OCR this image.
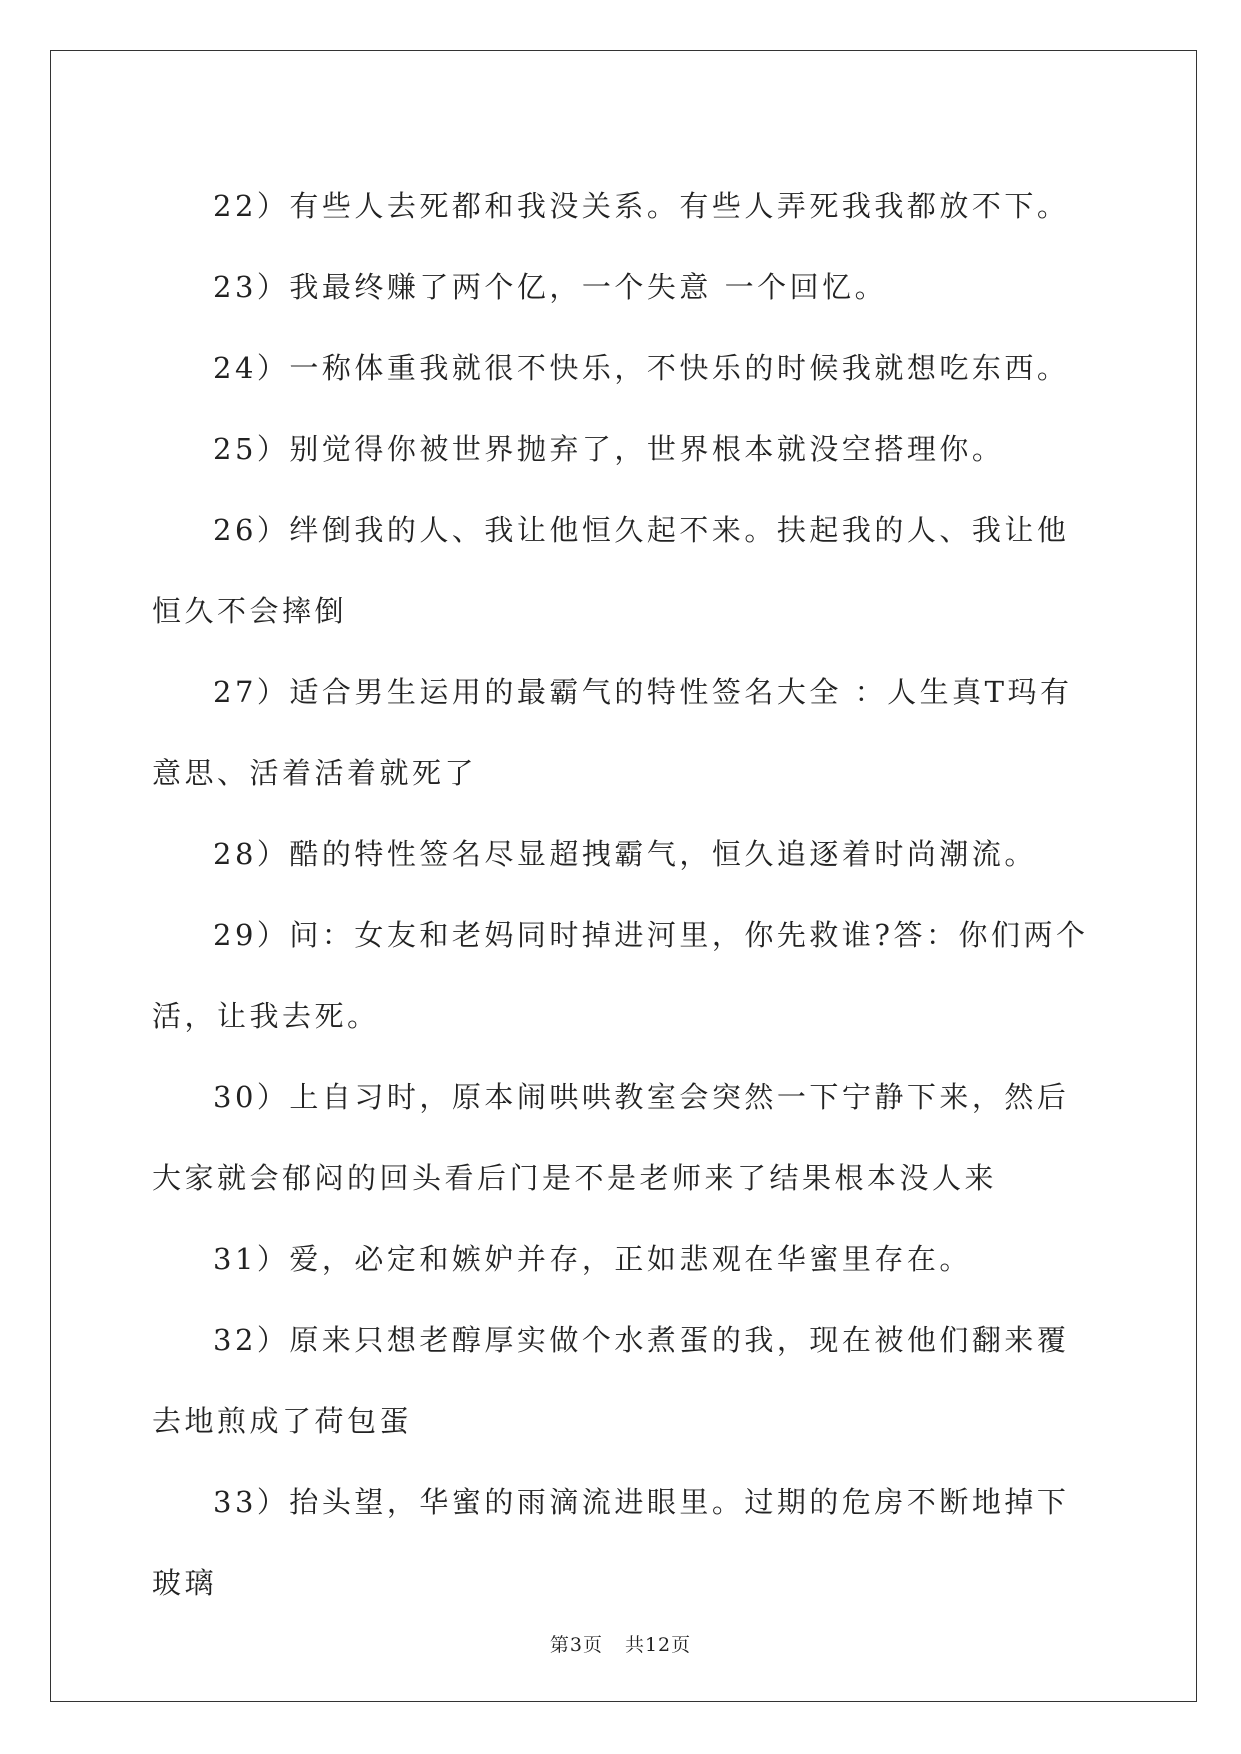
22）有些人去死都和我没关系。有些人弄死我我都放不下。

23）我最终赚了两个亿，一个失意 一个回忆。

24）一称体重我就很不快乐，不快乐的时候我就想吃东西。

25）别觉得你被世界抛弃了，世界根本就没空搭理你。

26）绊倒我的人、我让他恒久起不来。扶起我的人、我让他恒久不会摔倒

27）适合男生运用的最霸气的特性签名大全 ：人生真T玛有意思、活着活着就死了

28）酷的特性签名尽显超拽霸气，恒久追逐着时尚潮流。

29）问：女友和老妈同时掉进河里，你先救谁?答：你们两个活，让我去死。

30）上自习时，原本闹哄哄教室会突然一下宁静下来，然后大家就会郁闷的回头看后门是不是老师来了结果根本没人来

31）爱，必定和嫉妒并存，正如悲观在华蜜里存在。

32）原来只想老醇厚实做个水煮蛋的我，现在被他们翻来覆去地煎成了荷包蛋

33）抬头望，华蜜的雨滴流进眼里。过期的危房不断地掉下玻璃

第3页 共12页
